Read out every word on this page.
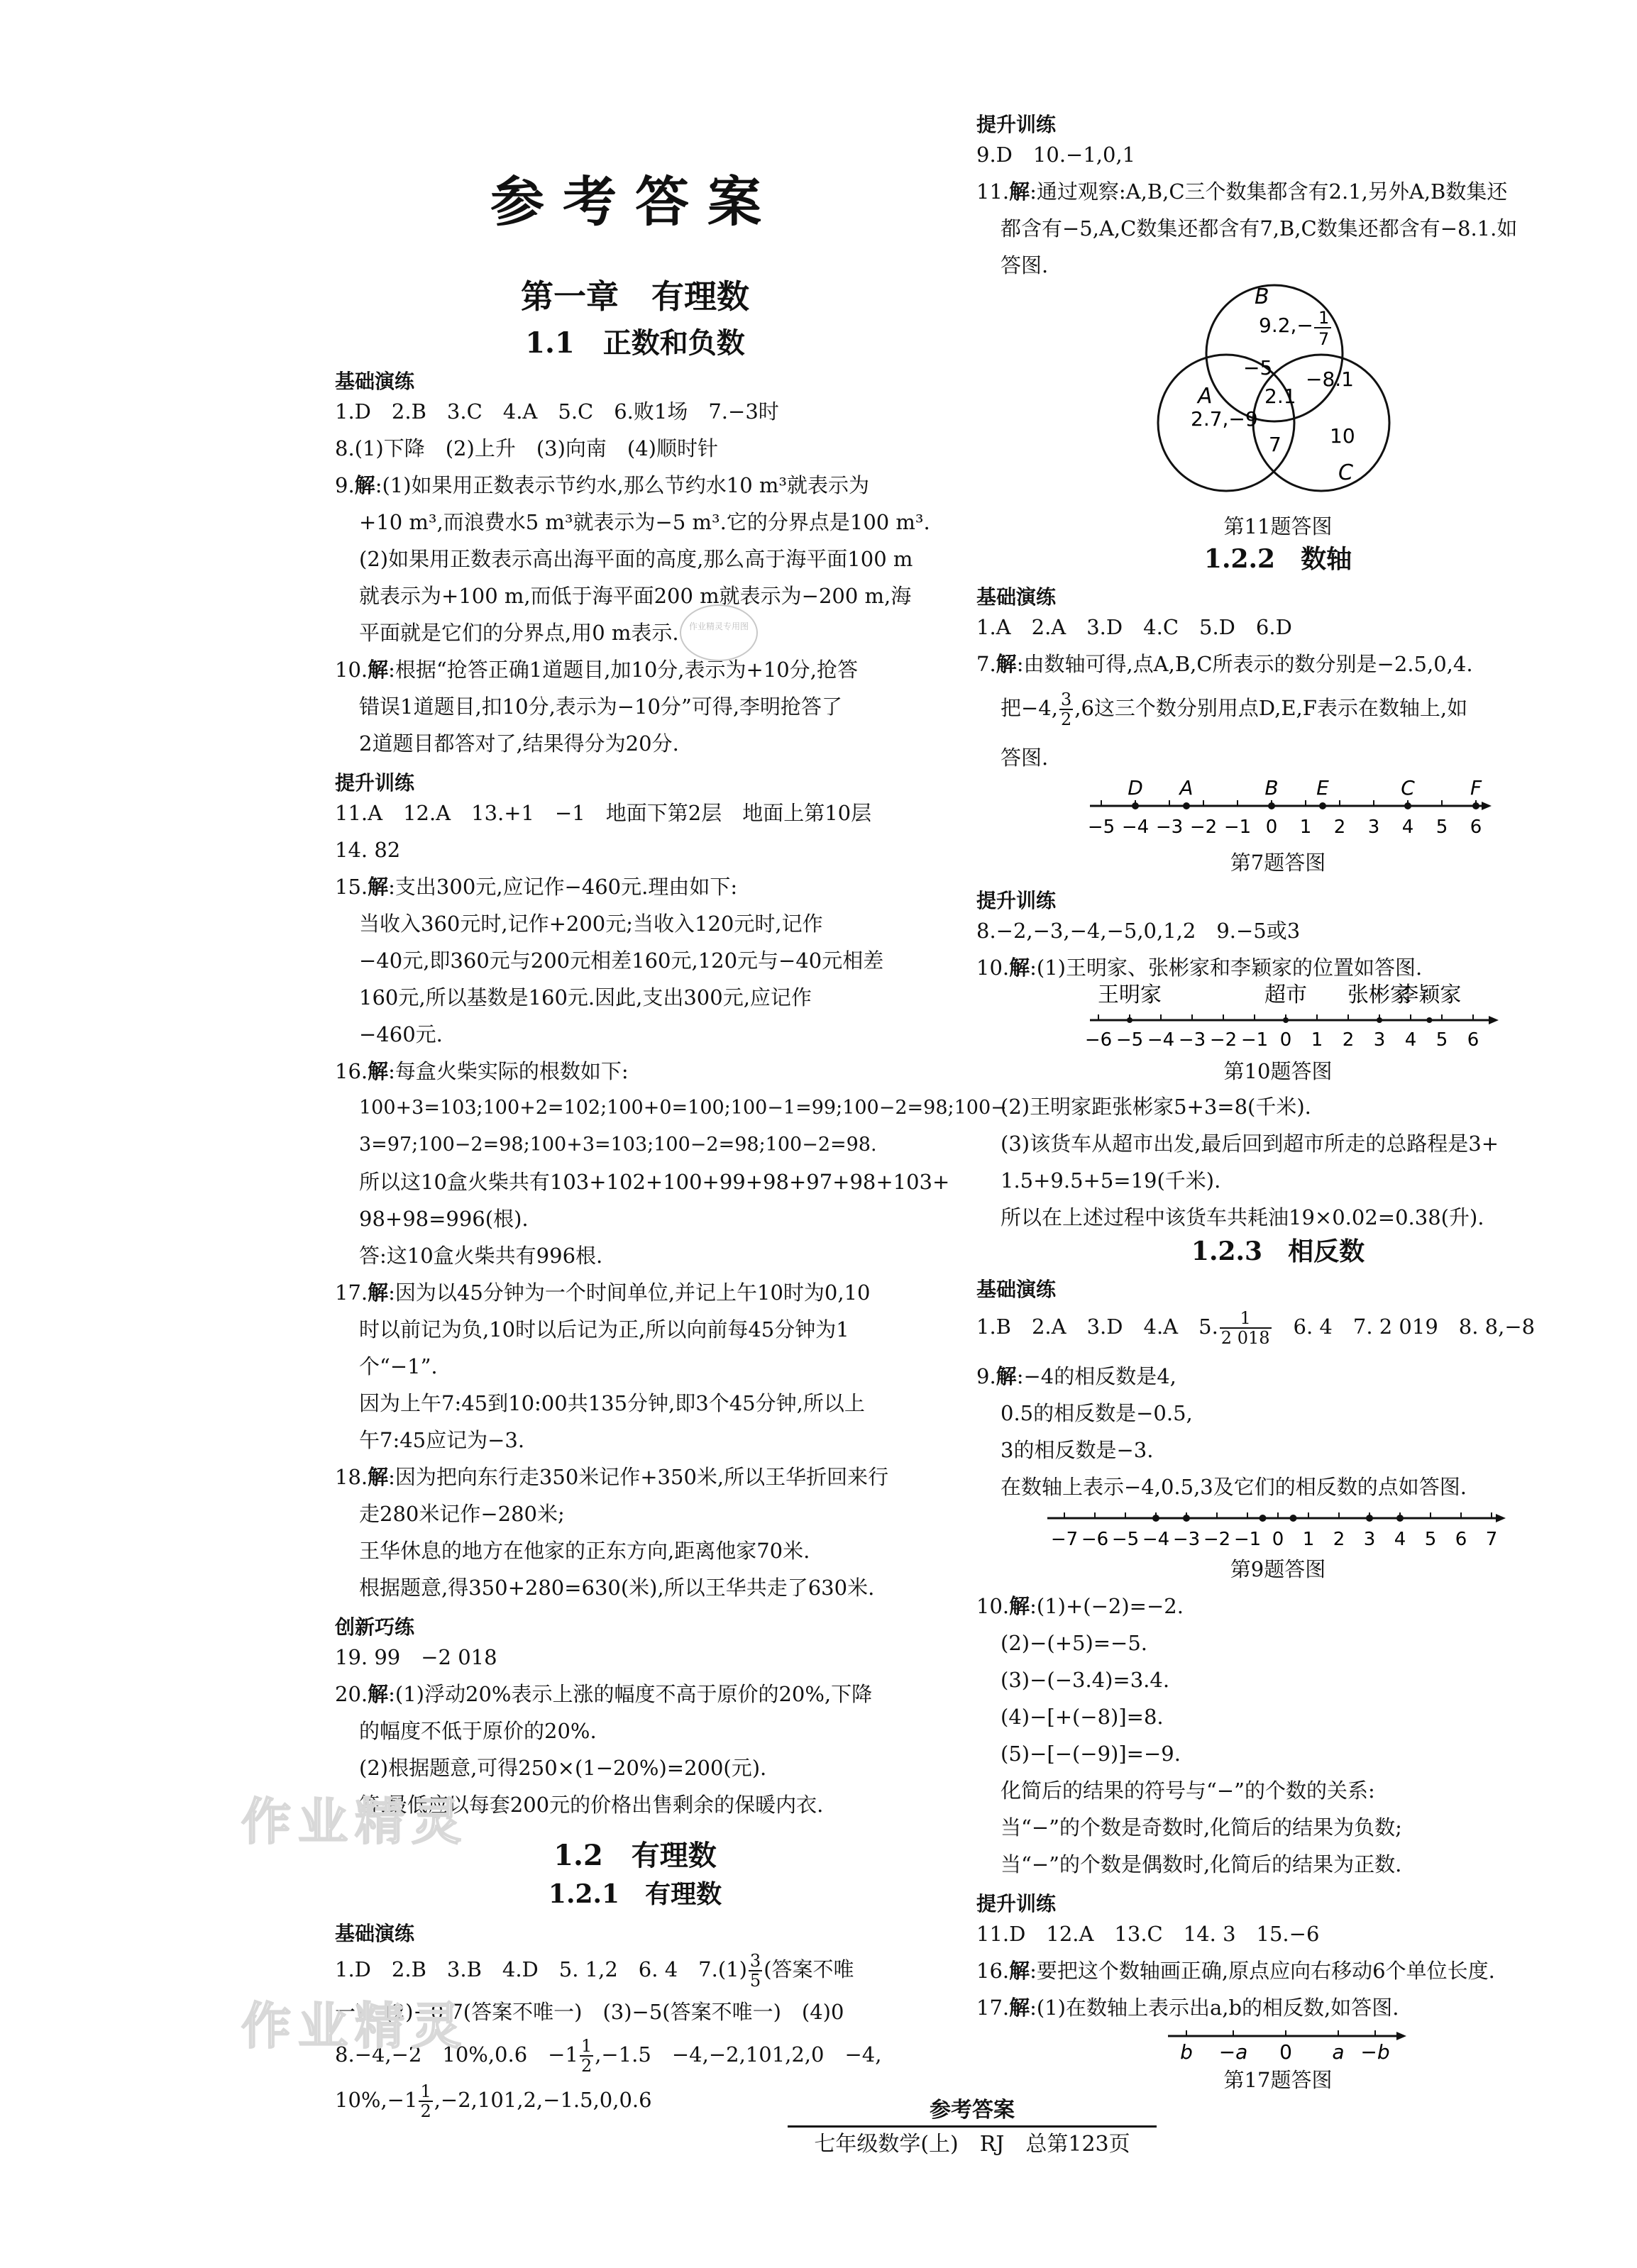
参考答案
第一章　有理数
1.1　正数和负数
基础演练
1.D　2.B　3.C　4.A　5.C　6.败1场　7.−3时
8.(1)下降　(2)上升　(3)向南　(4)顺时针
9.解:(1)如果用正数表示节约水,那么节约水10 m³就表示为
+10 m³,而浪费水5 m³就表示为−5 m³.它的分界点是100 m³.
(2)如果用正数表示高出海平面的高度,那么高于海平面100 m
就表示为+100 m,而低于海平面200 m就表示为−200 m,海
平面就是它们的分界点,用0 m表示.
10.解:根据“抢答正确1道题目,加10分,表示为+10分,抢答
错误1道题目,扣10分,表示为−10分”可得,李明抢答了
2道题目都答对了,结果得分为20分.
提升训练
11.A　12.A　13.+1　−1　地面下第2层　地面上第10层
14. 82
15.解:支出300元,应记作−460元.理由如下:
当收入360元时,记作+200元;当收入120元时,记作
−40元,即360元与200元相差160元,120元与−40元相差
160元,所以基数是160元.因此,支出300元,应记作
−460元.
16.解:每盒火柴实际的根数如下:
100+3=103;100+2=102;100+0=100;100−1=99;100−2=98;100−
3=97;100−2=98;100+3=103;100−2=98;100−2=98.
所以这10盒火柴共有103+102+100+99+98+97+98+103+
98+98=996(根).
答:这10盒火柴共有996根.
17.解:因为以45分钟为一个时间单位,并记上午10时为0,10
时以前记为负,10时以后记为正,所以向前每45分钟为1
个“−1”.
因为上午7:45到10:00共135分钟,即3个45分钟,所以上
午7:45应记为−3.
18.解:因为把向东行走350米记作+350米,所以王华折回来行
走280米记作−280米;
王华休息的地方在他家的正东方向,距离他家70米.
根据题意,得350+280=630(米),所以王华共走了630米.
创新巧练
19. 99　−2 018
20.解:(1)浮动20%表示上涨的幅度不高于原价的20%,下降
的幅度不低于原价的20%.
(2)根据题意,可得250×(1−20%)=200(元).
答:最低应以每套200元的价格出售剩余的保暖内衣.
1.2　有理数
1.2.1　有理数
基础演练
1.D　2.B　3.B　4.D　5. 1,2　6. 4　$7.(1) \frac{3}{5}$ (答案不唯
一)　(2)−0.7(答案不唯一)　(3)−5(答案不唯一)　(4)0
8.−4,−2　10%,0.6　$-1 \frac{1}{2} ,-1.5$　−4,−2,101,2,0　−4,
$10\%,-1 \frac{1}{2} ,-2,101,2,-1.5,0,0.6$
作业精灵
作业精灵
作业精灵专用图
提升训练
9.D　10.−1,0,1
11.解:通过观察:A,B,C三个数集都含有2.1,另外A,B数集还
都含有−5,A,C数集还都含有7,B,C数集还都含有−8.1.如
答图.
B
9.2,− 1
7
−5
2.1
−8.1
A
2.7,−9
7 10
C
第11题答图
1.2.2　数轴
基础演练
1.A　2.A　3.D　4.C　5.D　6.D
7.解:由数轴可得,点A,B,C所表示的数分别是−2.5,0,4.
把−4, $\frac{3}{2} ,6$这三个数分别用点D,E,F表示在数轴上,如
答图.
−5 −4 −3 −2 −1 0 1 2 3 4 5 6
D A	B E	C	F
第7题答图
提升训练
8.−2,−3,−4,−5,0,1,2　9.−5或3
10.解:(1)王明家、张彬家和李颖家的位置如答图.
−6 −5 −4 −3 −2 −1 0 1 2 3 4 5 6
王明家	超市 张彬家
李颖家
第10题答图
(2)王明家距张彬家5+3=8(千米).
(3)该货车从超市出发,最后回到超市所走的总路程是3+
1.5+9.5+5=19(千米).
所以在上述过程中该货车共耗油19×0.02=0.38(升).
1.2.3　相反数
基础演练
1.B　2.A　3.D　4.A　5. $\frac{1}{2 018}$
　 6. 4　7. 2 019　8. 8,−8
9.解:−4的相反数是4,
0.5的相反数是−0.5,
3的相反数是−3.
在数轴上表示−4,0.5,3及它们的相反数的点如答图.
−7 −6 −5 −4 −3 −2 −1 0 1 2 3 4 5 6 7
第9题答图
10.解:(1)+(−2)=−2.
(2)−(+5)=−5.
(3)−(−3.4)=3.4.
(4)−[+(−8)]=8.
(5)−[−(−9)]=−9.
化简后的结果的符号与“−”的个数的关系:
当“−”的个数是奇数时,化简后的结果为负数;
当“−”的个数是偶数时,化简后的结果为正数.
提升训练
11.D　12.A　13.C　14. 3　15.−6
16.解:要把这个数轴画正确,原点应向右移动6个单位长度.
17.解:(1)在数轴上表示出a,b的相反数,如答图.
b −a 0 a −b
第17题答图
参考答案
七年级数学(上)　RJ　总第123页
